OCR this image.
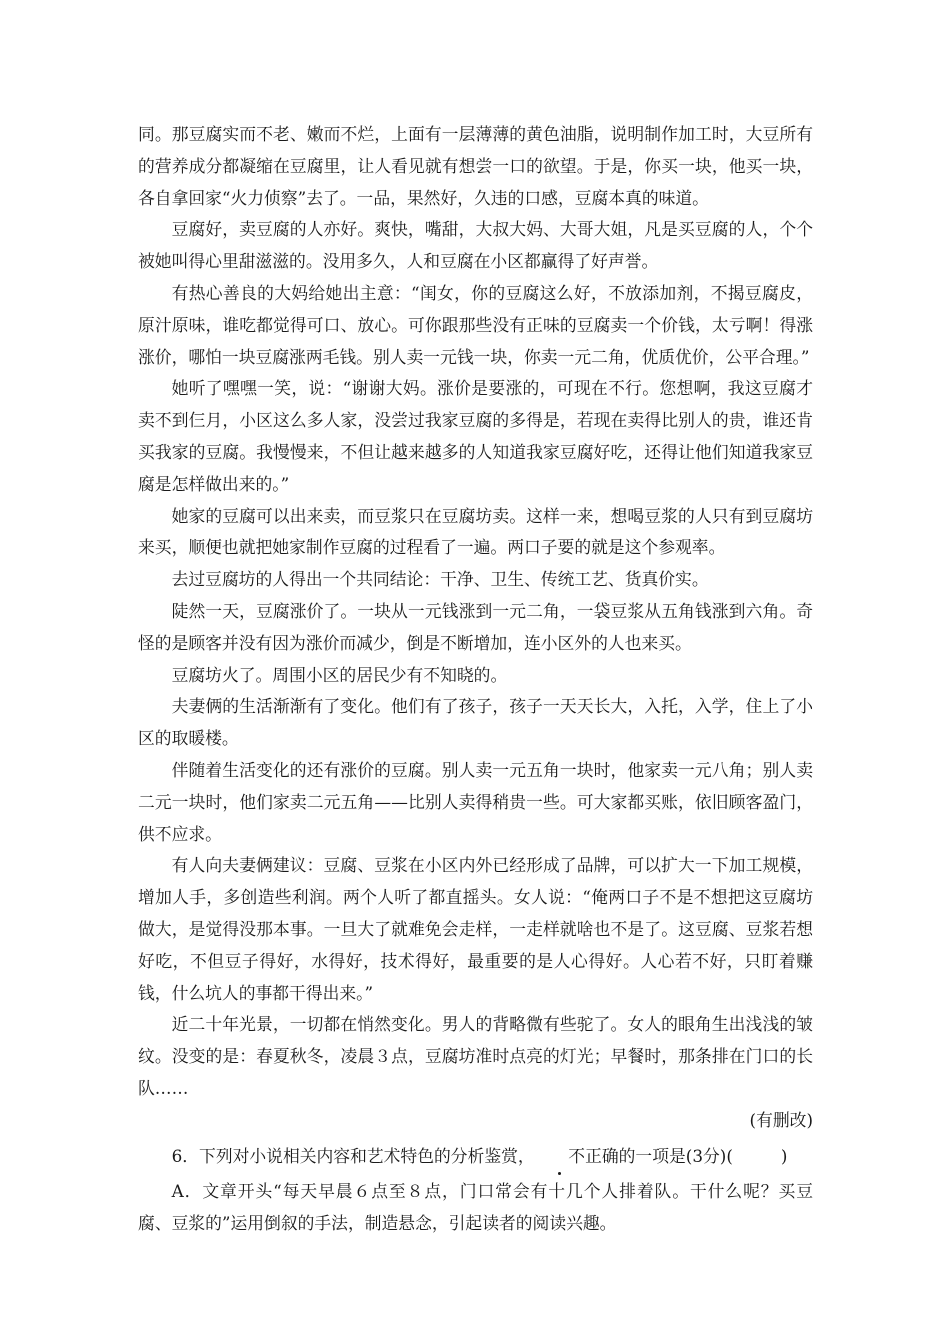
同。那豆腐实而不老、嫩而不烂，上面有一层薄薄的黄色油脂，说明制作加工时，大豆所有的营养成分都凝缩在豆腐里，让人看见就有想尝一口的欲望。于是，你买一块，他买一块，各自拿回家“火力侦察”去了。一品，果然好，久违的口感，豆腐本真的味道。

豆腐好，卖豆腐的人亦好。爽快，嘴甜，大叔大妈、大哥大姐，凡是买豆腐的人，个个被她叫得心里甜滋滋的。没用多久，人和豆腐在小区都赢得了好声誉。

有热心善良的大妈给她出主意：“闺女，你的豆腐这么好，不放添加剂，不揭豆腐皮，原汁原味，谁吃都觉得可口、放心。可你跟那些没有正味的豆腐卖一个价钱，太亏啊！得涨涨价，哪怕一块豆腐涨两毛钱。别人卖一元钱一块，你卖一元二角，优质优价，公平合理。”

她听了嘿嘿一笑，说：“谢谢大妈。涨价是要涨的，可现在不行。您想啊，我这豆腐才卖不到仨月，小区这么多人家，没尝过我家豆腐的多得是，若现在卖得比别人的贵，谁还肯买我家的豆腐。我慢慢来，不但让越来越多的人知道我家豆腐好吃，还得让他们知道我家豆腐是怎样做出来的。”

她家的豆腐可以出来卖，而豆浆只在豆腐坊卖。这样一来，想喝豆浆的人只有到豆腐坊来买，顺便也就把她家制作豆腐的过程看了一遍。两口子要的就是这个参观率。

去过豆腐坊的人得出一个共同结论：干净、卫生、传统工艺、货真价实。

陡然一天，豆腐涨价了。一块从一元钱涨到一元二角，一袋豆浆从五角钱涨到六角。奇怪的是顾客并没有因为涨价而减少，倒是不断增加，连小区外的人也来买。

豆腐坊火了。周围小区的居民少有不知晓的。

夫妻俩的生活渐渐有了变化。他们有了孩子，孩子一天天长大，入托，入学，住上了小区的取暖楼。

伴随着生活变化的还有涨价的豆腐。别人卖一元五角一块时，他家卖一元八角；别人卖二元一块时，他们家卖二元五角——比别人卖得稍贵一些。可大家都买账，依旧顾客盈门，供不应求。

有人向夫妻俩建议：豆腐、豆浆在小区内外已经形成了品牌，可以扩大一下加工规模，增加人手，多创造些利润。两个人听了都直摇头。女人说：“俺两口子不是不想把这豆腐坊做大，是觉得没那本事。一旦大了就难免会走样，一走样就啥也不是了。这豆腐、豆浆若想好吃，不但豆子得好，水得好，技术得好，最重要的是人心得好。人心若不好，只盯着赚钱，什么坑人的事都干得出来。”

近二十年光景，一切都在悄然变化。男人的背略微有些驼了。女人的眼角生出浅浅的皱纹。没变的是：春夏秋冬，凌晨３点，豆腐坊准时点亮的灯光；早餐时，那条排在门口的长队……

(有删改)

6．下列对小说相关内容和艺术特色的分析鉴赏， 不正确的一项是(3分)(	)

A．文章开头“每天早晨６点至８点，门口常会有十几个人排着队。干什么呢？买豆腐、豆浆的”运用倒叙的手法，制造悬念，引起读者的阅读兴趣。
